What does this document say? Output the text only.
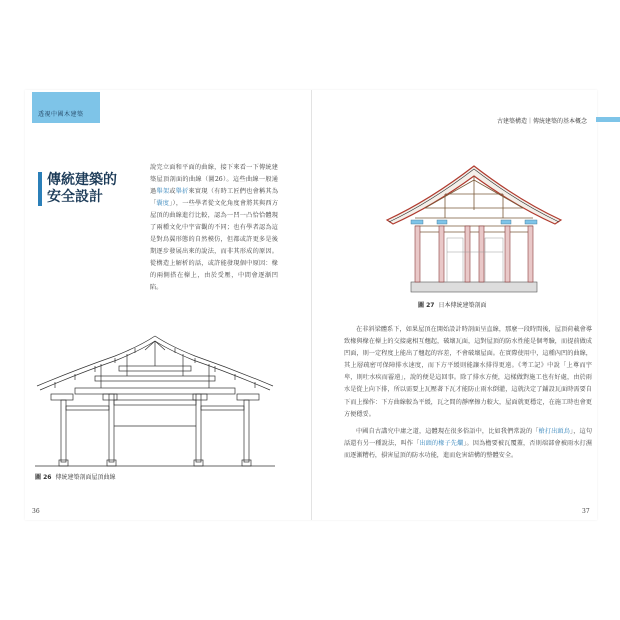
透視中國木建築
古建築構造｜傳統建築的基本概念
傳統建築的
安全設計
說完立面和平面的曲線，接下來看一下傳統建築屋頂剖面的曲線（圖26）。這些曲線一般通過舉架或舉折來實現（有時工匠們也會稱其為「囊度」），一些學者從文化角度會將其與西方屋頂的曲線進行比較，認為一凹一凸恰恰體現了兩種文化中宇宙觀的不同；也有學者認為這是對鳥翼形態的自然模仿，但都或許更多是後期逐步發展出來的說法，而非其形成的原因。從構造上解析的話，或許能發現個中原因：椽的兩側搭在檁上，由於受壓，中間會逐漸凹陷。
圖 26 傳統建築剖面屋頂曲線
圖 27 日本傳統建築剖面

在非斜梁體系下，如果屋頂在開始設計時剖面呈直線，那麼一段時間後，屋頂荷載會導致椽與椽在檁上的交接處相互翹起，破壞瓦面，這對屋頂的防水性能是個考驗，而提前做成凹面，則一定程度上能出了翹起的容差，不會破壞屋面。在實際使用中，這種內凹的曲線，其上層疏密可保障排水速度，而下方平緩則能讓水排得更遠。《考工記》中說「上尊而宇卑，則吐水疾而霤遠」，說的便是這回事。除了排水方便，這樣做對施工也有好處，由於雨水是從上向下排，所以需要上瓦壓著下瓦才能防止雨水倒灌，這就決定了鋪設瓦面時需要自下而上操作：下方曲線較為平緩，瓦之間的靜摩擦力較大，屋面就更穩定，在施工時也會更方便穩妥。

中國自古講究中庸之道，這體現在很多俗語中，比如我們常說的「槍打出頭鳥」，這句話還有另一種說法，叫作「出頭的椽子先爛」。因為檐要被瓦覆蓋，否則端部會被雨水打濕而逐漸糟朽，損害屋頂的防水功能，進而危害結構的整體安全。

36	37
